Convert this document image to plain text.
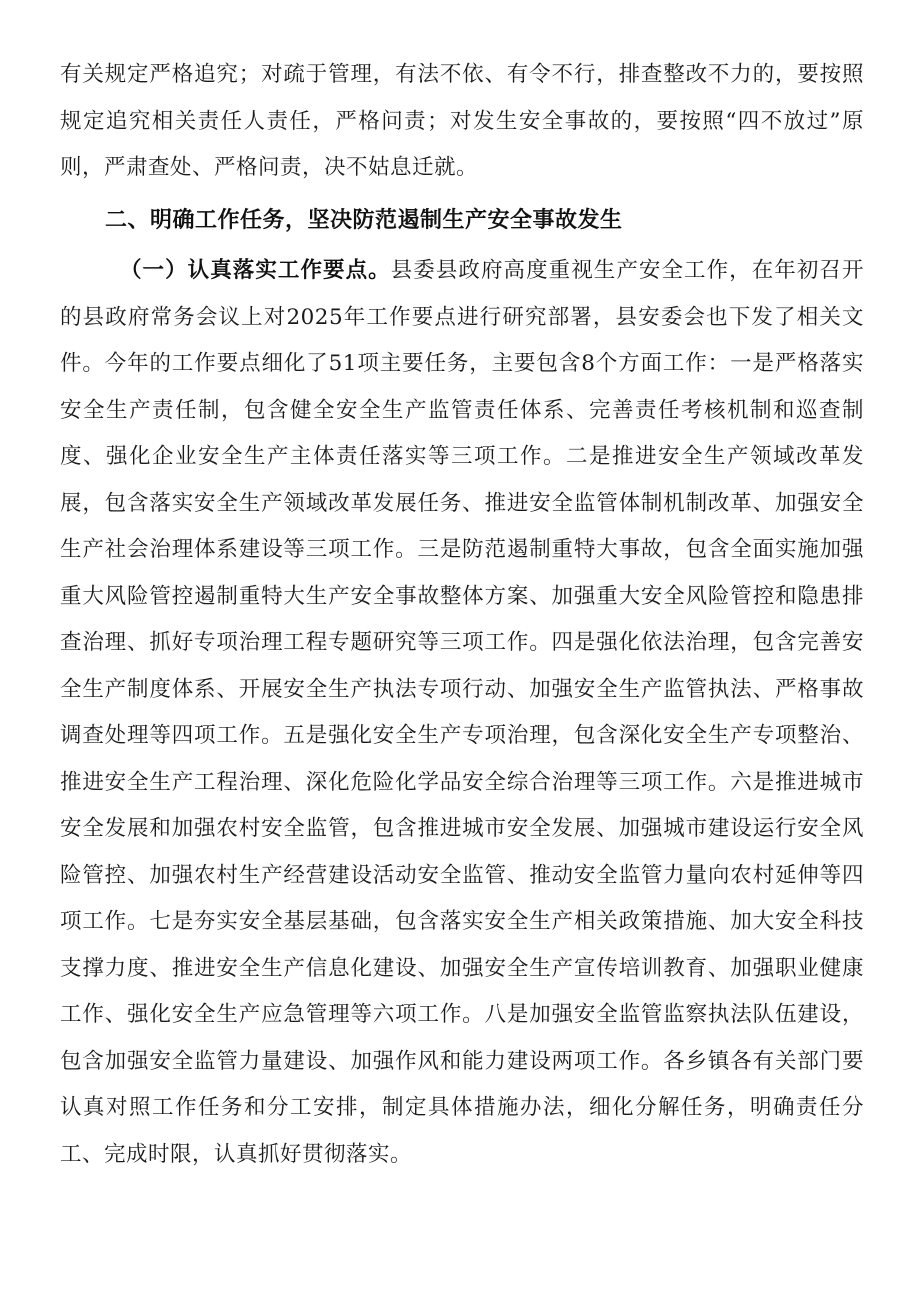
有关规定严格追究；对疏于管理，有法不依、有令不行，排查整改不力的，要按照规定追究相关责任人责任，严格问责；对发生安全事故的，要按照“四不放过”原则，严肃查处、严格问责，决不姑息迁就。
二、明确工作任务，坚决防范遏制生产安全事故发生
（一）认真落实工作要点。县委县政府高度重视生产安全工作，在年初召开的县政府常务会议上对2025年工作要点进行研究部署，县安委会也下发了相关文件。今年的工作要点细化了51项主要任务，主要包含8个方面工作：一是严格落实安全生产责任制，包含健全安全生产监管责任体系、完善责任考核机制和巡查制度、强化企业安全生产主体责任落实等三项工作。二是推进安全生产领域改革发展，包含落实安全生产领域改革发展任务、推进安全监管体制机制改革、加强安全生产社会治理体系建设等三项工作。三是防范遏制重特大事故，包含全面实施加强重大风险管控遏制重特大生产安全事故整体方案、加强重大安全风险管控和隐患排查治理、抓好专项治理工程专题研究等三项工作。四是强化依法治理，包含完善安全生产制度体系、开展安全生产执法专项行动、加强安全生产监管执法、严格事故调查处理等四项工作。五是强化安全生产专项治理，包含深化安全生产专项整治、推进安全生产工程治理、深化危险化学品安全综合治理等三项工作。六是推进城市安全发展和加强农村安全监管，包含推进城市安全发展、加强城市建设运行安全风险管控、加强农村生产经营建设活动安全监管、推动安全监管力量向农村延伸等四项工作。七是夯实安全基层基础，包含落实安全生产相关政策措施、加大安全科技支撑力度、推进安全生产信息化建设、加强安全生产宣传培训教育、加强职业健康工作、强化安全生产应急管理等六项工作。八是加强安全监管监察执法队伍建设，包含加强安全监管力量建设、加强作风和能力建设两项工作。各乡镇各有关部门要认真对照工作任务和分工安排，制定具体措施办法，细化分解任务，明确责任分工、完成时限，认真抓好贯彻落实。
